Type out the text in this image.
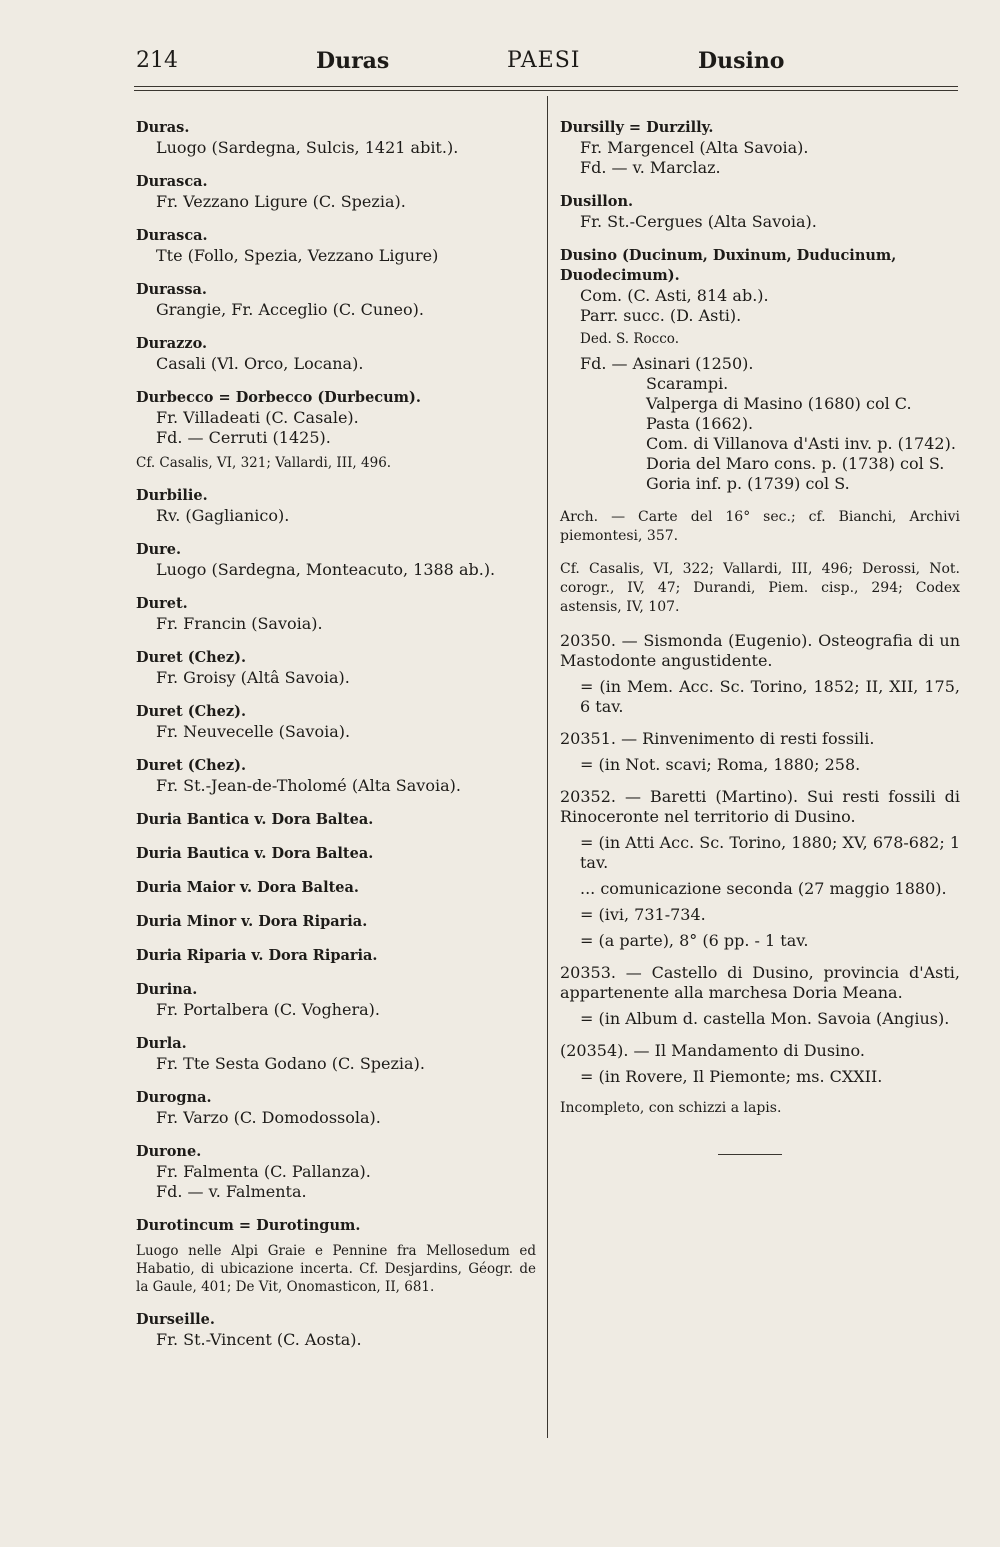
214	Duras	PAESI	Dusino
Duras.
Luogo (Sardegna, Sulcis, 1421 abit.).
Durasca.
Fr. Vezzano Ligure (C. Spezia).
Durasca.
Tte (Follo, Spezia, Vezzano Ligure)
Durassa.
Grangie, Fr. Acceglio (C. Cuneo).
Durazzo.
Casali (Vl. Orco, Locana).
Durbecco = Dorbecco (Durbecum).
Fr. Villadeati (C. Casale).
Fd. — Cerruti (1425).
Cf. Casalis, VI, 321; Vallardi, III, 496.
Durbilie.
Rv. (Gaglianico).
Dure.
Luogo (Sardegna, Monteacuto, 1388 ab.).
Duret.
Fr. Francin (Savoia).
Duret (Chez).
Fr. Groisy (Altâ Savoia).
Duret (Chez).
Fr. Neuvecelle (Savoia).
Duret (Chez).
Fr. St.-Jean-de-Tholomé (Alta Savoia).
Duria Bantica v. Dora Baltea.
Duria Bautica v. Dora Baltea.
Duria Maior v. Dora Baltea.
Duria Minor v. Dora Riparia.
Duria Riparia v. Dora Riparia.
Durina.
Fr. Portalbera (C. Voghera).
Durla.
Fr. Tte Sesta Godano (C. Spezia).
Durogna.
Fr. Varzo (C. Domodossola).
Durone.
Fr. Falmenta (C. Pallanza).
Fd. — v. Falmenta.
Durotincum = Durotingum.
Luogo nelle Alpi Graie e Pennine fra Mellosedum ed Habatio, di ubicazione incerta. Cf. Desjardins, Géogr. de la Gaule, 401; De Vit, Onomasticon, II, 681.
Durseille.
Fr. St.-Vincent (C. Aosta).
Dursilly = Durzilly.
Fr. Margencel (Alta Savoia).
Fd. — v. Marclaz.
Dusillon.
Fr. St.-Cergues (Alta Savoia).
Dusino (Ducinum, Duxinum, Duducinum, Duodecimum).
Com. (C. Asti, 814 ab.).
Parr. succ. (D. Asti).
Ded. S. Rocco.
Fd. — Asinari (1250).
Scarampi.
Valperga di Masino (1680) col C.
Pasta (1662).
Com. di Villanova d'Asti inv. p. (1742).
Doria del Maro cons. p. (1738) col S.
Goria inf. p. (1739) col S.
Arch. — Carte del 16° sec.; cf. Bianchi, Archivi piemontesi, 357.
Cf. Casalis, VI, 322; Vallardi, III, 496; Derossi, Not. corogr., IV, 47; Durandi, Piem. cisp., 294; Codex astensis, IV, 107.
20350. — Sismonda (Eugenio). Osteografia di un Mastodonte angustidente.
= (in Mem. Acc. Sc. Torino, 1852; II, XII, 175, 6 tav.
20351. — Rinvenimento di resti fossili.
= (in Not. scavi; Roma, 1880; 258.
20352. — Baretti (Martino). Sui resti fossili di Rinoceronte nel territorio di Dusino.
= (in Atti Acc. Sc. Torino, 1880; XV, 678-682; 1 tav.
... comunicazione seconda (27 maggio 1880).
= (ivi, 731-734.
= (a parte), 8° (6 pp. - 1 tav.
20353. — Castello di Dusino, provincia d'Asti, appartenente alla marchesa Doria Meana.
= (in Album d. castella Mon. Savoia (Angius).
(20354). — Il Mandamento di Dusino.
= (in Rovere, Il Piemonte; ms. CXXII.
Incompleto, con schizzi a lapis.
